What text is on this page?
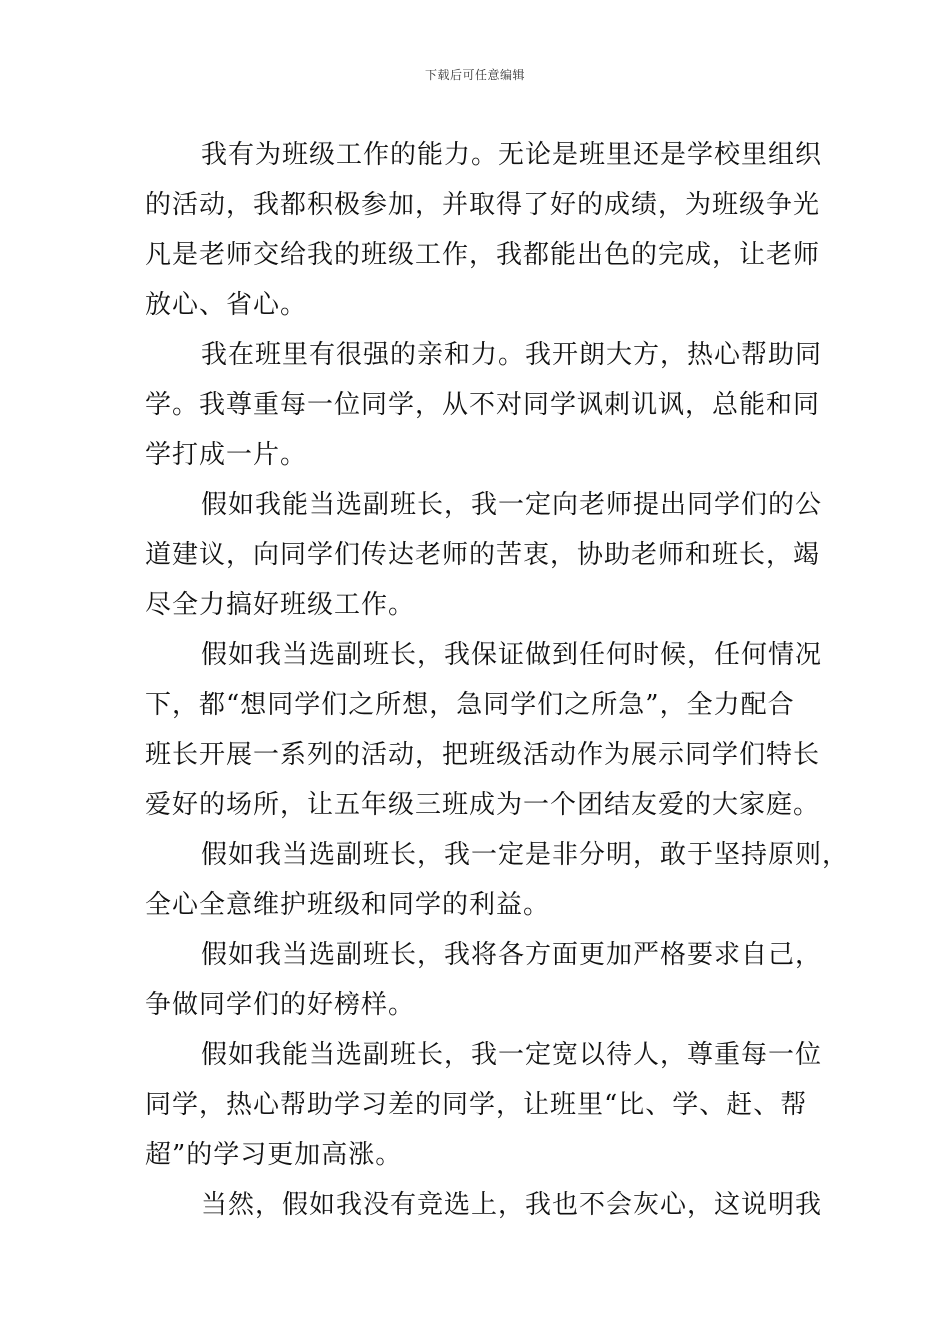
下载后可任意编辑
我有为班级工作的能力。无论是班里还是学校里组织
的活动，我都积极参加，并取得了好的成绩，为班级争光
凡是老师交给我的班级工作，我都能出色的完成，让老师
放心、省心。
我在班里有很强的亲和力。我开朗大方，热心帮助同
学。我尊重每一位同学，从不对同学讽刺讥讽，总能和同
学打成一片。
假如我能当选副班长，我一定向老师提出同学们的公
道建议，向同学们传达老师的苦衷，协助老师和班长，竭
尽全力搞好班级工作。
假如我当选副班长，我保证做到任何时候，任何情况
下，都“想同学们之所想，急同学们之所急”，全力配合
班长开展一系列的活动，把班级活动作为展示同学们特长
爱好的场所，让五年级三班成为一个团结友爱的大家庭。
假如我当选副班长，我一定是非分明，敢于坚持原则，
全心全意维护班级和同学的利益。
假如我当选副班长，我将各方面更加严格要求自己，
争做同学们的好榜样。
假如我能当选副班长，我一定宽以待人，尊重每一位
同学，热心帮助学习差的同学，让班里“比、学、赶、帮
超”的学习更加高涨。
当然，假如我没有竞选上，我也不会灰心，这说明我
